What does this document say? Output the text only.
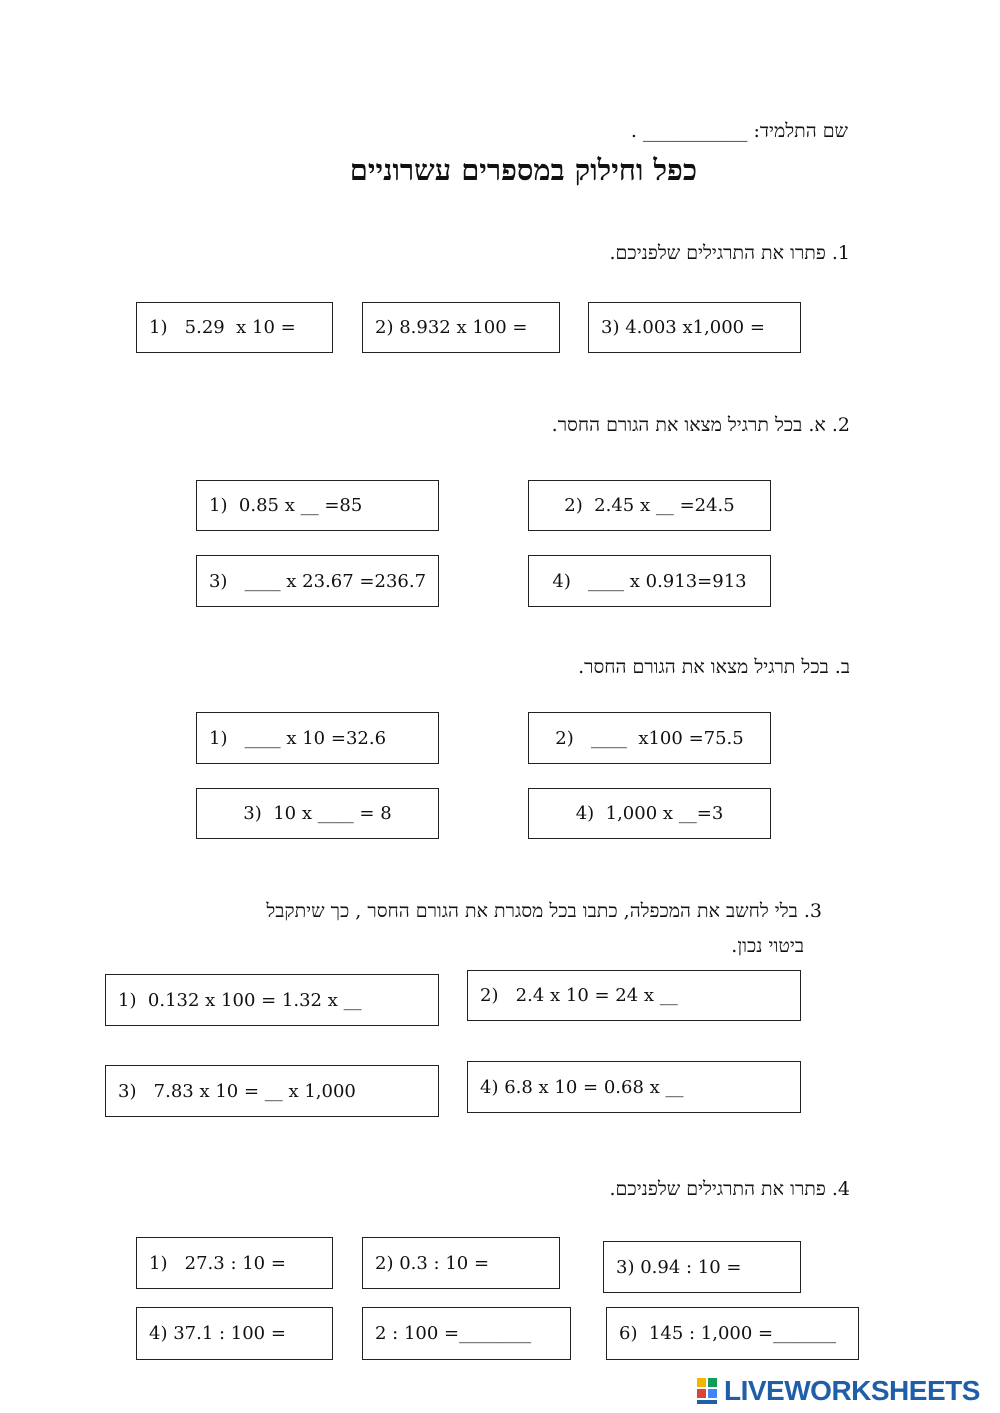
שם התלמיד: ___________ .
כפל וחילוק במספרים עשרוניים
1. פתרו את התרגילים שלפניכם.
1)   5.29  x 10 =	2) 8.932 x 100 =	3) 4.003 x1,000 =
2. א. בכל תרגיל מצאו את הגורם החסר.
1)  0.85 x __ =85	2)  2.45 x __ =24.5
3)   ____ x 23.67 =236.7	4)   ____ x 0.913=913
ב. בכל תרגיל מצאו את הגורם החסר.
1)   ____ x 10 =32.6	2)   ____  x100 =75.5
3)  10 x ____ = 8	4)  1,000 x __=3
3. בלי לחשב את המכפלה, כתבו בכל מסגרת את הגורם החסר , כך שיתקבל
ביטוי נכון.
1)  0.132 x 100 = 1.32 x __	2)   2.4 x 10 = 24 x __
3)   7.83 x 10 = __ x 1,000	4) 6.8 x 10 = 0.68 x __
4. פתרו את התרגילים שלפניכם.
1)   27.3 : 10 =	2) 0.3 : 10 =	3) 0.94 : 10 =
4) 37.1 : 100 =	2 : 100 =________	6)  145 : 1,000 =_______
LIVEWORKSHEETS
